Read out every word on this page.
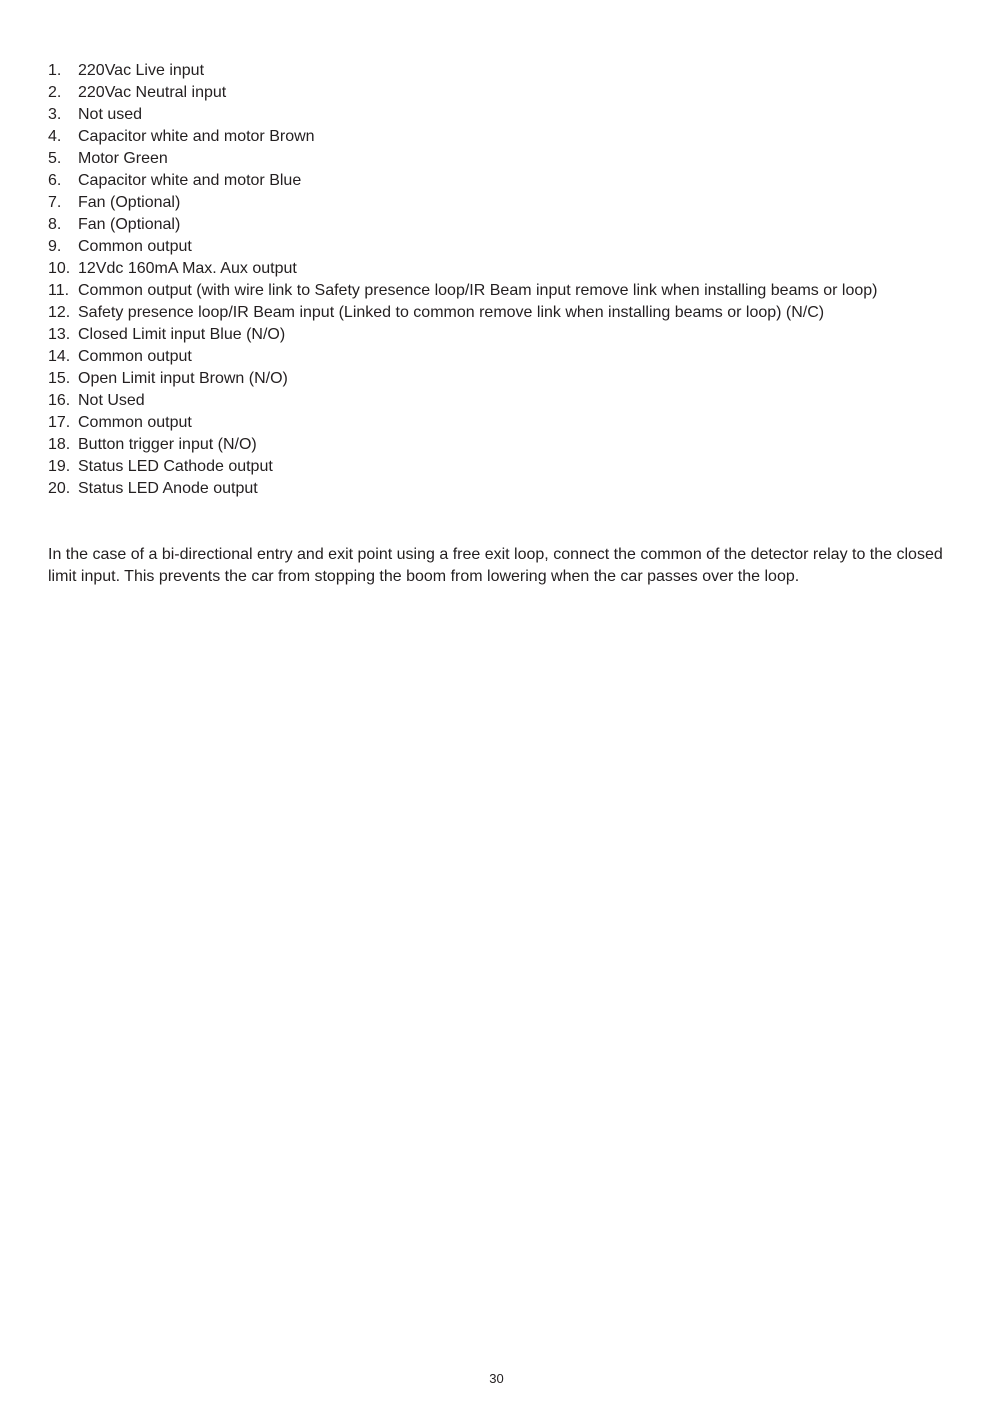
1.	220Vac Live input
2.	220Vac Neutral input
3.	Not used
4.	Capacitor white and motor Brown
5.	Motor Green
6.	Capacitor white and motor Blue
7.	Fan (Optional)
8.	Fan (Optional)
9.	Common output
10. 12Vdc 160mA Max. Aux output
11. Common output (with wire link to Safety presence loop/IR Beam input remove link when installing beams or loop)
12. Safety presence loop/IR Beam input (Linked to common remove link when installing beams or loop) (N/C)
13. Closed Limit input Blue (N/O)
14. Common output
15. Open Limit input Brown (N/O)
16. Not Used
17. Common output
18. Button trigger input (N/O)
19. Status LED Cathode output
20. Status LED Anode output

In the case of a bi-directional entry and exit point using a free exit loop, connect the common of the detector relay to the closed limit input. This prevents the car from stopping the boom from lowering when the car passes over the loop.

30
